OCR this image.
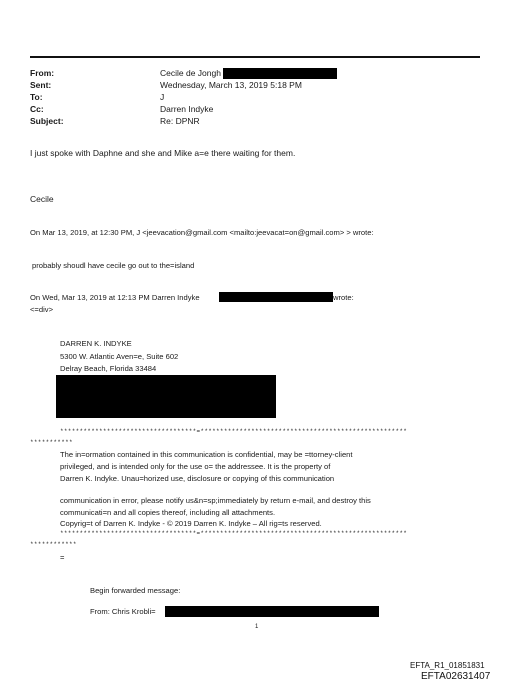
From:
Sent:
To:
Cc:
Subject:
Cecile de Jongh
Wednesday, March 13, 2019 5:18 PM
J
Darren Indyke
Re: DPNR
I just spoke with Daphne and she and Mike a=e there waiting for them.
Cecile
On Mar 13, 2019, at 12:30 PM, J <jeevacation@gmail.com <mailto:jeevacat=on@gmail.com> > wrote:
probably shoudl have cecile go out to the=island
On Wed, Mar 13, 2019 at 12:13 PM Darren Indyke	wrote:
<=div>
DARREN K. INDYKE
5300 W. Atlantic Aven=e, Suite 602
Delray Beach, Florida 33484
***********************************=*****************************************************
***********
The in=ormation contained in this communication is confidential, may be =ttorney-client
privileged, and is intended only for the use o= the addressee. It is the property of
Darren K. Indyke. Unau=horized use, disclosure or copying of this communication
communication in error, please notify us&n=sp;immediately by return e-mail, and destroy this
communicati=n and all copies thereof, including all attachments.
Copyrig=t of Darren K. Indyke - © 2019 Darren K. Indyke – All rig=ts reserved.
***********************************=*****************************************************
************
=
Begin forwarded message:
From: Chris Krobli=
1
EFTA_R1_01851831
EFTA02631407
